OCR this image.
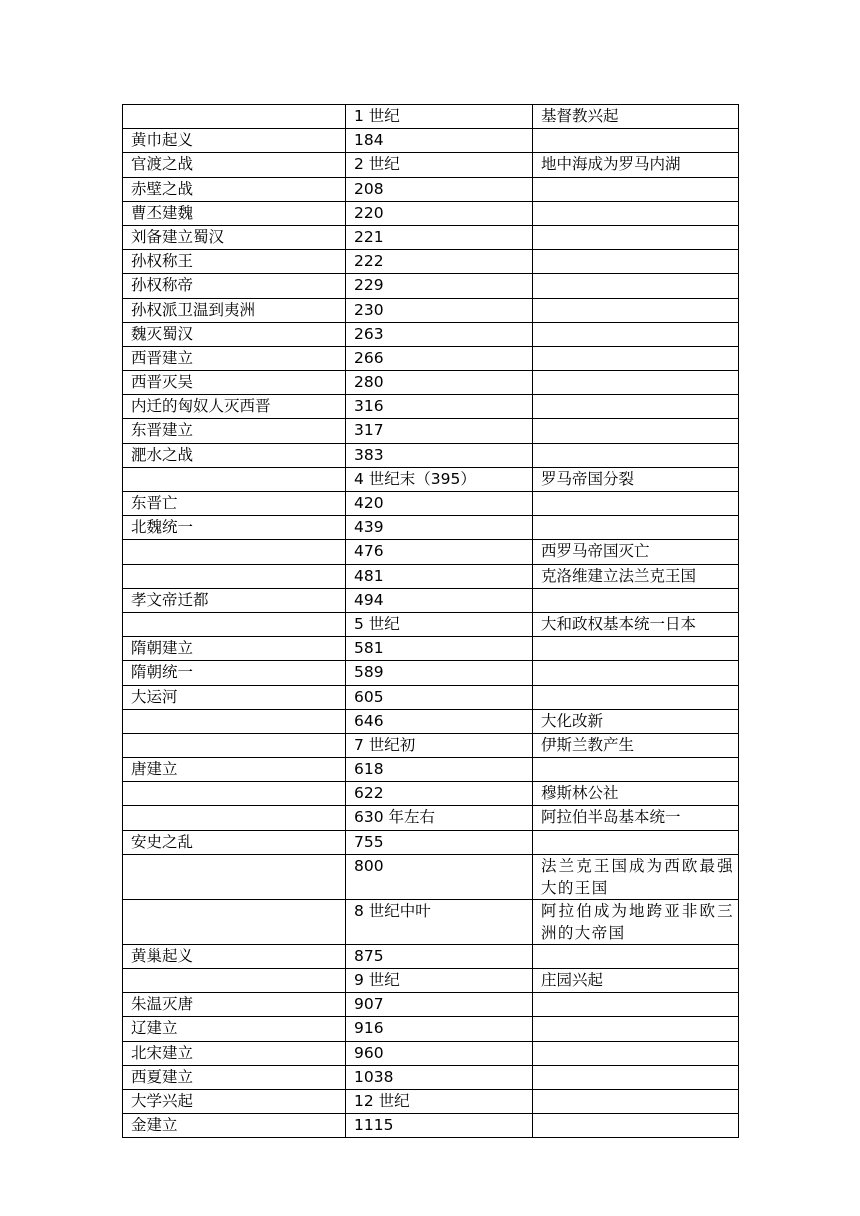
	1 世纪	基督教兴起
黄巾起义	184	
官渡之战	2 世纪	地中海成为罗马内湖
赤壁之战	208	
曹丕建魏	220	
刘备建立蜀汉	221	
孙权称王	222	
孙权称帝	229	
孙权派卫温到夷洲	230	
魏灭蜀汉	263	
西晋建立	266	
西晋灭吴	280	
内迁的匈奴人灭西晋	316	
东晋建立	317	
淝水之战	383	
	4 世纪末（395）	罗马帝国分裂
东晋亡	420	
北魏统一	439	
	476	西罗马帝国灭亡
	481	克洛维建立法兰克王国
孝文帝迁都	494	
	5 世纪	大和政权基本统一日本
隋朝建立	581	
隋朝统一	589	
大运河	605	
	646	大化改新
	7 世纪初	伊斯兰教产生
唐建立	618	
	622	穆斯林公社
	630 年左右	阿拉伯半岛基本统一
安史之乱	755	
	800	法兰克王国成为西欧最强大的王国
	8 世纪中叶	阿拉伯成为地跨亚非欧三洲的大帝国
黄巢起义	875	
	9 世纪	庄园兴起
朱温灭唐	907	
辽建立	916	
北宋建立	960	
西夏建立	1038	
大学兴起	12 世纪	
金建立	1115	
